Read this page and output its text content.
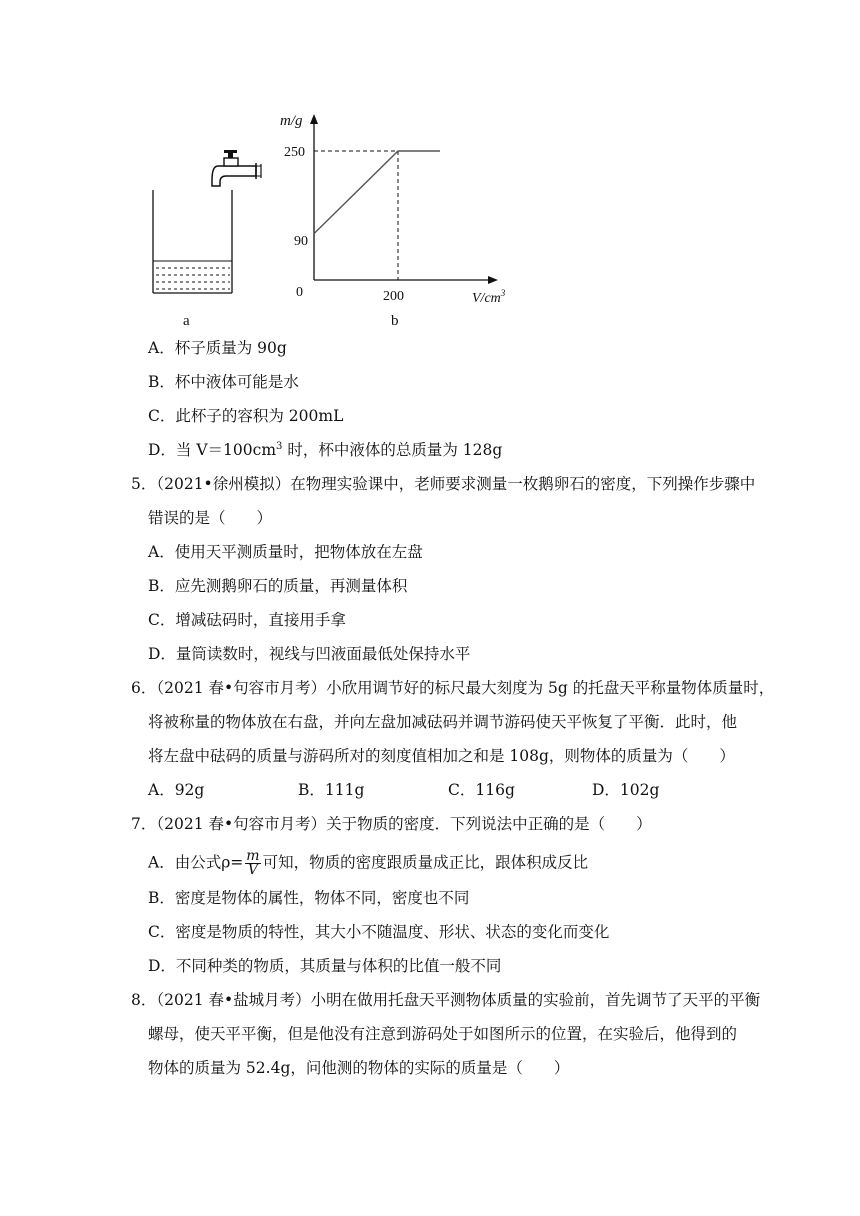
a
m/g
250
90
0	200	$V/cm^3$
b
A．杯子质量为 90g
B．杯中液体可能是水
C．此杯子的容积为 200mL
D．当 $V=100cm^3$ 时，杯中液体的总质量为 128g
5．（2021•徐州模拟）在物理实验课中，老师要求测量一枚鹅卵石的密度，下列操作步骤中
错误的是（　　）
A．使用天平测质量时，把物体放在左盘
B．应先测鹅卵石的质量，再测量体积
C．增减砝码时，直接用手拿
D．量筒读数时，视线与凹液面最低处保持水平
6．（2021 春•句容市月考）小欣用调节好的标尺最大刻度为 5g 的托盘天平称量物体质量时，
将被称量的物体放在右盘，并向左盘加减砝码并调节游码使天平恢复了平衡．此时，他
将左盘中砝码的质量与游码所对的刻度值相加之和是 108g，则物体的质量为（　　）
A．92g	B．111g	C．116g	D．102g
7．（2021 春•句容市月考）关于物质的密度．下列说法中正确的是（　　）
A．由公式$\rho= \frac{m}{V}$ 可知，物质的密度跟质量成正比，跟体积成反比
B．密度是物体的属性，物体不同，密度也不同
C．密度是物质的特性，其大小不随温度、形状、状态的变化而变化
D．不同种类的物质，其质量与体积的比值一般不同
8．（2021 春•盐城月考）小明在做用托盘天平测物体质量的实验前，首先调节了天平的平衡
螺母，使天平平衡，但是他没有注意到游码处于如图所示的位置，在实验后，他得到的
物体的质量为 52.4g，问他测的物体的实际的质量是（　　）
